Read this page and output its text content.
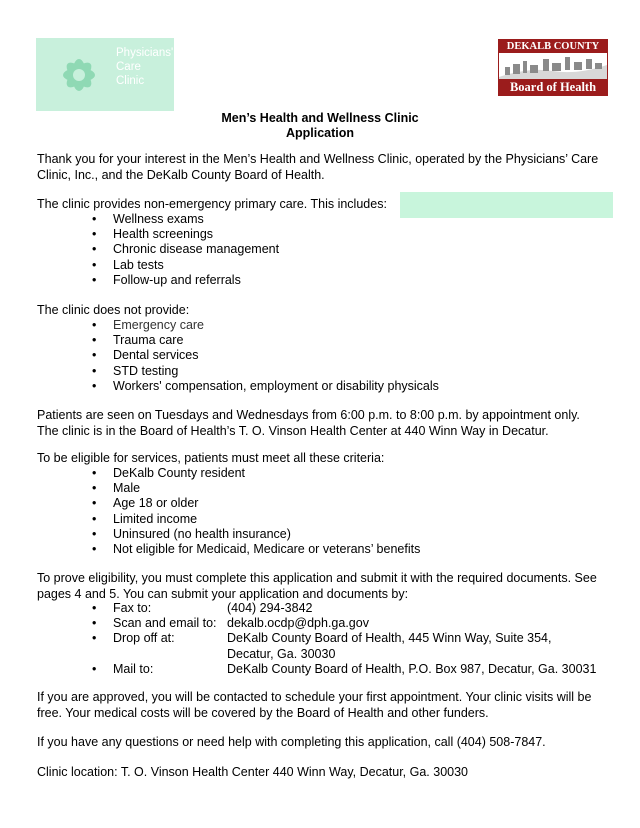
Physicians'
Care
Clinic
DEKALB COUNTY
Board of Health
Men’s Health and Wellness Clinic
Application
Thank you for your interest in the Men’s Health and Wellness Clinic, operated by the Physicians’ Care
Clinic, Inc., and the DeKalb County Board of Health.
The clinic provides non-emergency primary care. This includes:
• Wellness exams
• Health screenings
• Chronic disease management
• Lab tests
• Follow-up and referrals
The clinic does not provide:
• Emergency care
• Trauma care
• Dental services
• STD testing
• Workers' compensation, employment or disability physicals
Patients are seen on Tuesdays and Wednesdays from 6:00 p.m. to 8:00 p.m. by appointment only.
The clinic is in the Board of Health’s T. O. Vinson Health Center at 440 Winn Way in Decatur.
To be eligible for services, patients must meet all these criteria:
• DeKalb County resident
• Male
• Age 18 or older
• Limited income
• Uninsured (no health insurance)
• Not eligible for Medicaid, Medicare or veterans’ benefits
To prove eligibility, you must complete this application and submit it with the required documents. See
pages 4 and 5. You can submit your application and documents by:
• Fax to:	(404) 294-3842
• Scan and email to: dekalb.ocdp@dph.ga.gov
• Drop off at:	DeKalb County Board of Health, 445 Winn Way, Suite 354,
Decatur, Ga. 30030
• Mail to:	DeKalb County Board of Health, P.O. Box 987, Decatur, Ga. 30031
If you are approved, you will be contacted to schedule your first appointment. Your clinic visits will be
free. Your medical costs will be covered by the Board of Health and other funders.
If you have any questions or need help with completing this application, call (404) 508-7847.
Clinic location: T. O. Vinson Health Center 440 Winn Way, Decatur, Ga. 30030
